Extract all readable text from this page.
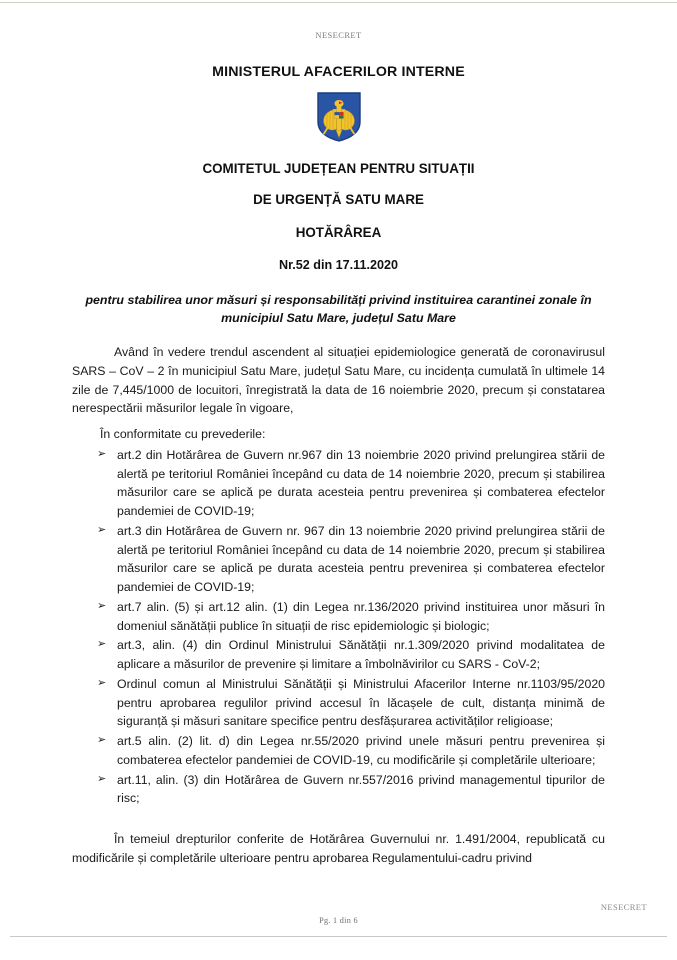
NESECRET
MINISTERUL AFACERILOR INTERNE
COMITETUL JUDEȚEAN PENTRU SITUAȚII
DE URGENȚĂ SATU MARE
HOTĂRÂREA
Nr.52 din 17.11.2020
pentru stabilirea unor măsuri și responsabilități privind instituirea carantinei zonale în municipiul Satu Mare, județul Satu Mare
Având în vedere trendul ascendent al situației epidemiologice generată de coronavirusul SARS – CoV – 2 în municipiul Satu Mare, județul Satu Mare, cu incidența cumulată în ultimele 14 zile de 7,445/1000 de locuitori, înregistrată la data de 16 noiembrie 2020, precum și constatarea nerespectării măsurilor legale în vigoare,
În conformitate cu prevederile:
➢ art.2 din Hotărârea de Guvern nr.967 din 13 noiembrie 2020 privind prelungirea stării de alertă pe teritoriul României începând cu data de 14 noiembrie 2020, precum și stabilirea măsurilor care se aplică pe durata acesteia pentru prevenirea și combaterea efectelor pandemiei de COVID-19;
➢ art.3 din Hotărârea de Guvern nr. 967 din 13 noiembrie 2020 privind prelungirea stării de alertă pe teritoriul României începând cu data de 14 noiembrie 2020, precum și stabilirea măsurilor care se aplică pe durata acesteia pentru prevenirea și combaterea efectelor pandemiei de COVID-19;
➢ art.7 alin. (5) și art.12 alin. (1) din Legea nr.136/2020 privind instituirea unor măsuri în domeniul sănătății publice în situații de risc epidemiologic și biologic;
➢ art.3, alin. (4) din Ordinul Ministrului Sănătății nr.1.309/2020 privind modalitatea de aplicare a măsurilor de prevenire și limitare a îmbolnăvirilor cu SARS - CoV-2;
➢ Ordinul comun al Ministrului Sănătății și Ministrului Afacerilor Interne nr.1103/95/2020 pentru aprobarea regulilor privind accesul în lăcașele de cult, distanța minimă de siguranță și măsuri sanitare specifice pentru desfășurarea activităților religioase;
➢ art.5 alin. (2) lit. d) din Legea nr.55/2020 privind unele măsuri pentru prevenirea și combaterea efectelor pandemiei de COVID-19, cu modificările și completările ulterioare;
➢ art.11, alin. (3) din Hotărârea de Guvern nr.557/2016 privind managementul tipurilor de risc;
În temeiul drepturilor conferite de Hotărârea Guvernului nr. 1.491/2004, republicată cu modificările și completările ulterioare pentru aprobarea Regulamentului-cadru privind
NESECRET
Pg. 1 din 6
